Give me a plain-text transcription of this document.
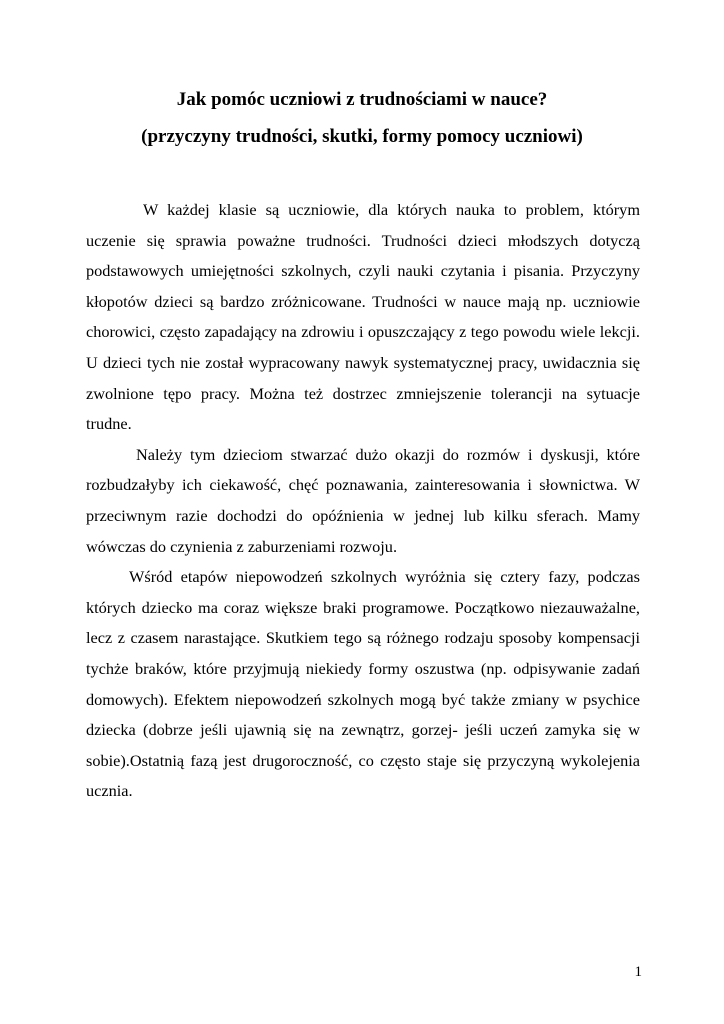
Jak pomóc uczniowi z trudnościami w nauce?
(przyczyny trudności, skutki, formy pomocy uczniowi)

W każdej klasie są uczniowie, dla których nauka to problem, którym uczenie się sprawia poważne trudności. Trudności dzieci młodszych dotyczą podstawowych umiejętności szkolnych, czyli nauki czytania i pisania. Przyczyny kłopotów dzieci są bardzo zróżnicowane. Trudności w nauce mają np. uczniowie chorowici, często zapadający na zdrowiu i opuszczający z tego powodu wiele lekcji. U dzieci tych nie został wypracowany nawyk systematycznej pracy, uwidacznia się zwolnione tępo pracy. Można też dostrzec zmniejszenie tolerancji na sytuacje trudne.

Należy tym dzieciom stwarzać dużo okazji do rozmów i dyskusji, które rozbudzałyby ich ciekawość, chęć poznawania, zainteresowania i słownictwa. W przeciwnym razie dochodzi do opóźnienia w jednej lub kilku sferach. Mamy wówczas do czynienia z zaburzeniami rozwoju.

Wśród etapów niepowodzeń szkolnych wyróżnia się cztery fazy, podczas których dziecko ma coraz większe braki programowe. Początkowo niezauważalne, lecz z czasem narastające. Skutkiem tego są różnego rodzaju sposoby kompensacji tychże braków, które przyjmują niekiedy formy oszustwa (np. odpisywanie zadań domowych). Efektem niepowodzeń szkolnych mogą być także zmiany w psychice dziecka (dobrze jeśli ujawnią się na zewnątrz, gorzej- jeśli uczeń zamyka się w sobie).Ostatnią fazą jest drugoroczność, co często staje się przyczyną wykolejenia ucznia.

1
